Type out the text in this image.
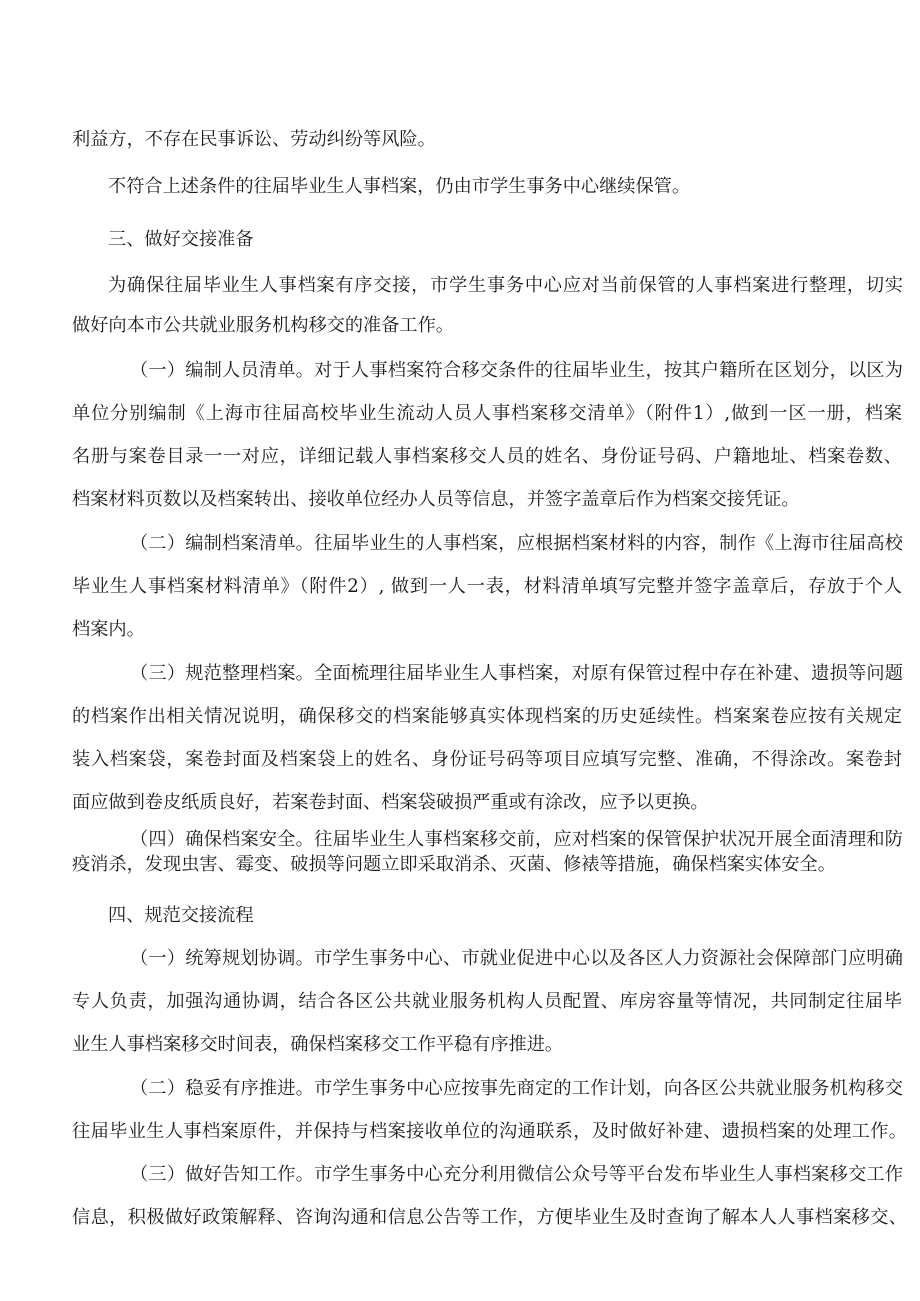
利益方，不存在民事诉讼、劳动纠纷等风险。
不符合上述条件的往届毕业生人事档案，仍由市学生事务中心继续保管。
三、做好交接准备
为确保往届毕业生人事档案有序交接，市学生事务中心应对当前保管的人事档案进行整理，切实
做好向本市公共就业服务机构移交的准备工作。
（一）编制人员清单。对于人事档案符合移交条件的往届毕业生，按其户籍所在区划分，以区为
单位分别编制《上海市往届高校毕业生流动人员人事档案移交清单》（附件1）,做到一区一册，档案
名册与案卷目录一一对应，详细记载人事档案移交人员的姓名、身份证号码、户籍地址、档案卷数、
档案材料页数以及档案转出、接收单位经办人员等信息，并签字盖章后作为档案交接凭证。
（二）编制档案清单。往届毕业生的人事档案，应根据档案材料的内容，制作《上海市往届高校
毕业生人事档案材料清单》（附件2）, 做到一人一表，材料清单填写完整并签字盖章后，存放于个人
档案内。
（三）规范整理档案。全面梳理往届毕业生人事档案，对原有保管过程中存在补建、遗损等问题
的档案作出相关情况说明，确保移交的档案能够真实体现档案的历史延续性。档案案卷应按有关规定
装入档案袋，案卷封面及档案袋上的姓名、身份证号码等项目应填写完整、准确，不得涂改。案卷封
面应做到卷皮纸质良好，若案卷封面、档案袋破损严重或有涂改，应予以更换。
（四）确保档案安全。往届毕业生人事档案移交前，应对档案的保管保护状况开展全面清理和防
疫消杀，发现虫害、霉变、破损等问题立即采取消杀、灭菌、修裱等措施，确保档案实体安全。
四、规范交接流程
（一）统筹规划协调。市学生事务中心、市就业促进中心以及各区人力资源社会保障部门应明确
专人负责，加强沟通协调，结合各区公共就业服务机构人员配置、库房容量等情况，共同制定往届毕
业生人事档案移交时间表，确保档案移交工作平稳有序推进。
（二）稳妥有序推进。市学生事务中心应按事先商定的工作计划，向各区公共就业服务机构移交
往届毕业生人事档案原件，并保持与档案接收单位的沟通联系，及时做好补建、遗损档案的处理工作。
（三）做好告知工作。市学生事务中心充分利用微信公众号等平台发布毕业生人事档案移交工作
信息，积极做好政策解释、咨询沟通和信息公告等工作，方便毕业生及时查询了解本人人事档案移交、
